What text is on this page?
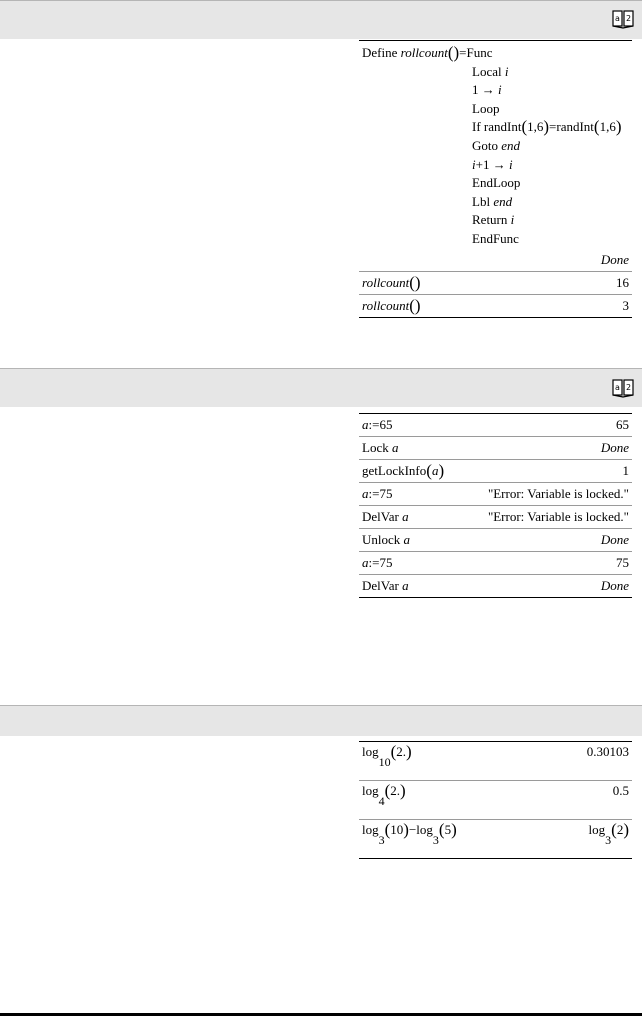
a 2
Define rollcount()=Func
Local i
1 → i
Loop
If randInt(1,6)=randInt(1,6)
Goto end
i+1 → i
EndLoop
Lbl end
Return i
EndFunc
Done
rollcount()	16
rollcount()	3
a 2
a:=65	65
Lock a	Done
getLockInfo(a)	1
a:=75	"Error: Variable is locked."
DelVar a	"Error: Variable is locked."
Unlock a	Done
a:=75	75
DelVar a	Done
log10(2.)	0.30103
log4(2.)	0.5
log3(10)−log3(5)	log3(2)
